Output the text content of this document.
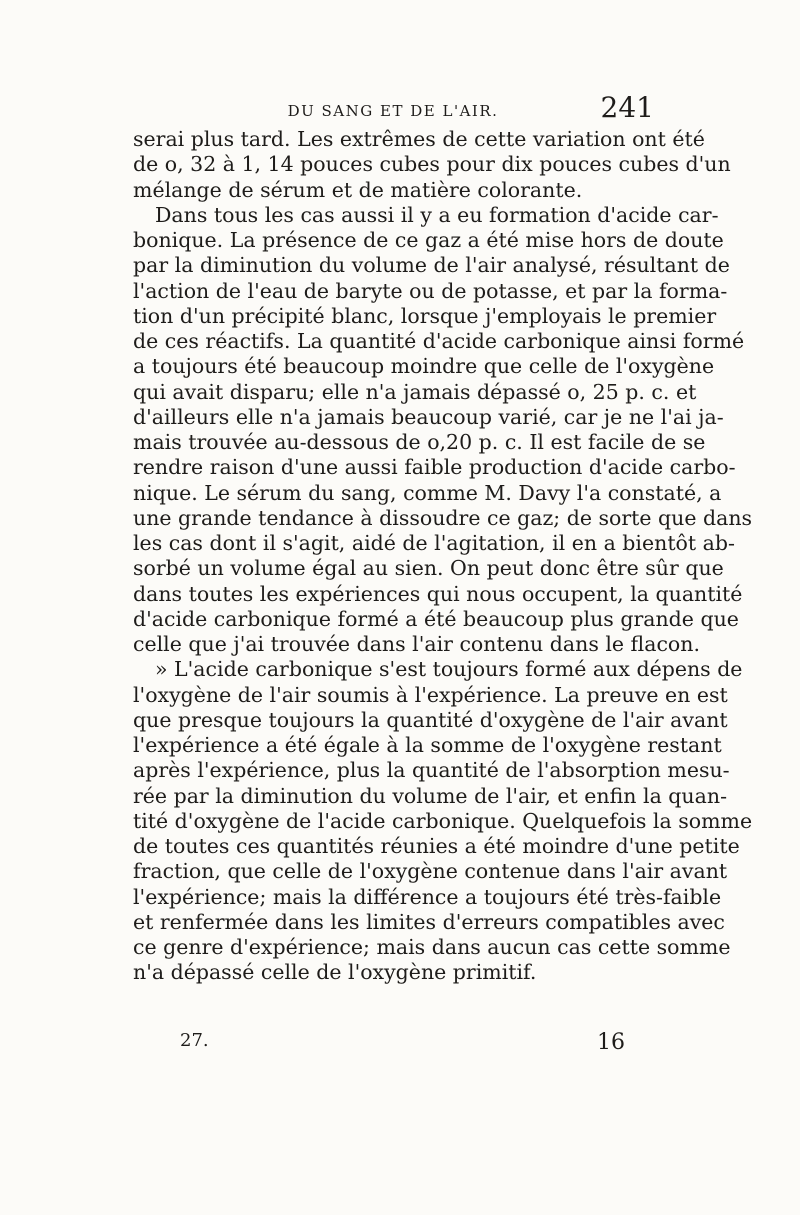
DU SANG ET DE L'AIR.	241
serai plus tard. Les extrêmes de cette variation ont été
de o, 32 à 1, 14 pouces cubes pour dix pouces cubes d'un
mélange de sérum et de matière colorante.
Dans tous les cas aussi il y a eu formation d'acide car-
bonique. La présence de ce gaz a été mise hors de doute
par la diminution du volume de l'air analysé, résultant de
l'action de l'eau de baryte ou de potasse, et par la forma-
tion d'un précipité blanc, lorsque j'employais le premier
de ces réactifs. La quantité d'acide carbonique ainsi formé
a toujours été beaucoup moindre que celle de l'oxygène
qui avait disparu; elle n'a jamais dépassé o, 25 p. c. et
d'ailleurs elle n'a jamais beaucoup varié, car je ne l'ai ja-
mais trouvée au-dessous de o,20 p. c. Il est facile de se
rendre raison d'une aussi faible production d'acide carbo-
nique. Le sérum du sang, comme M. Davy l'a constaté, a
une grande tendance à dissoudre ce gaz; de sorte que dans
les cas dont il s'agit, aidé de l'agitation, il en a bientôt ab-
sorbé un volume égal au sien. On peut donc être sûr que
dans toutes les expériences qui nous occupent, la quantité
d'acide carbonique formé a été beaucoup plus grande que
celle que j'ai trouvée dans l'air contenu dans le flacon.
» L'acide carbonique s'est toujours formé aux dépens de
l'oxygène de l'air soumis à l'expérience. La preuve en est
que presque toujours la quantité d'oxygène de l'air avant
l'expérience a été égale à la somme de l'oxygène restant
après l'expérience, plus la quantité de l'absorption mesu-
rée par la diminution du volume de l'air, et enfin la quan-
tité d'oxygène de l'acide carbonique. Quelquefois la somme
de toutes ces quantités réunies a été moindre d'une petite
fraction, que celle de l'oxygène contenue dans l'air avant
l'expérience; mais la différence a toujours été très-faible
et renfermée dans les limites d'erreurs compatibles avec
ce genre d'expérience; mais dans aucun cas cette somme
n'a dépassé celle de l'oxygène primitif.
27.	16
